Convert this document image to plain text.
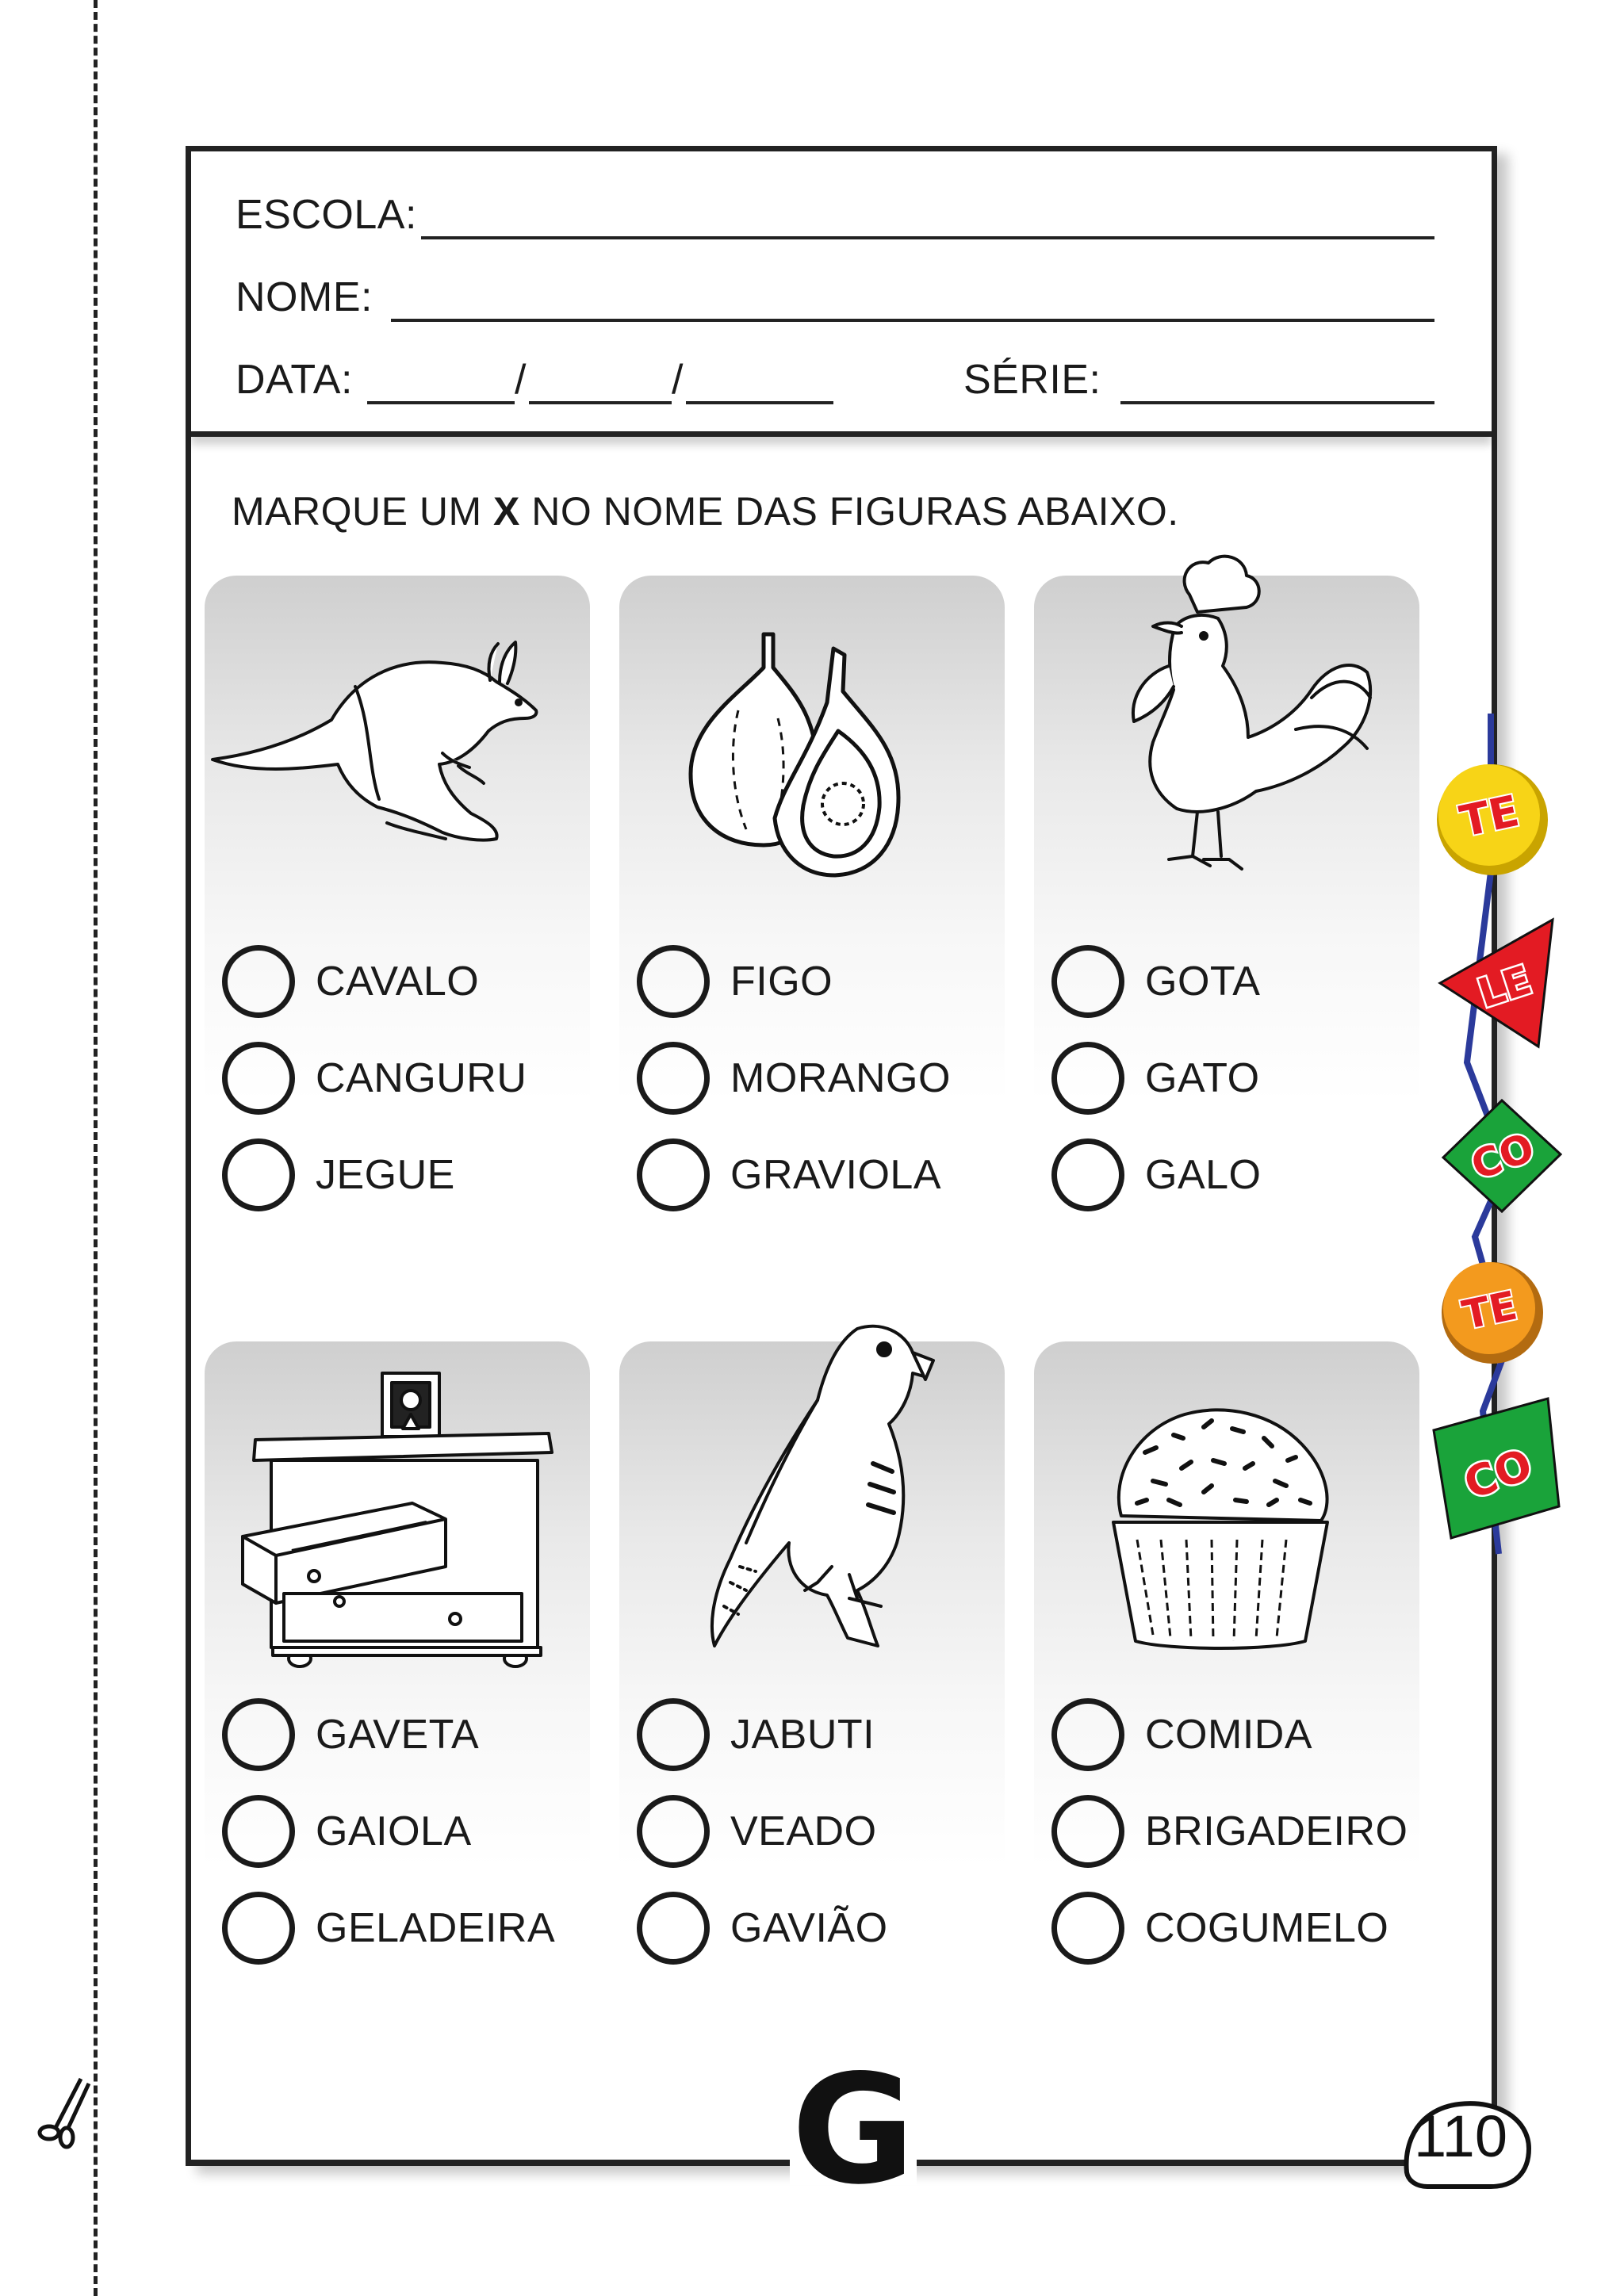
ESCOLA:
NOME:
DATA:	/	/	SÉRIE:
MARQUE UM X NO NOME DAS FIGURAS ABAIXO.
CAVALO
CANGURU
JEGUE
FIGO
MORANGO
GRAVIOLA
GOTA
GATO
GALO
GAVETA
GAIOLA
GELADEIRA
JABUTI
VEADO
GAVIÃO
COMIDA
BRIGADEIRO
COGUMELO
TE
LE
CO
TE
CO
G	110
